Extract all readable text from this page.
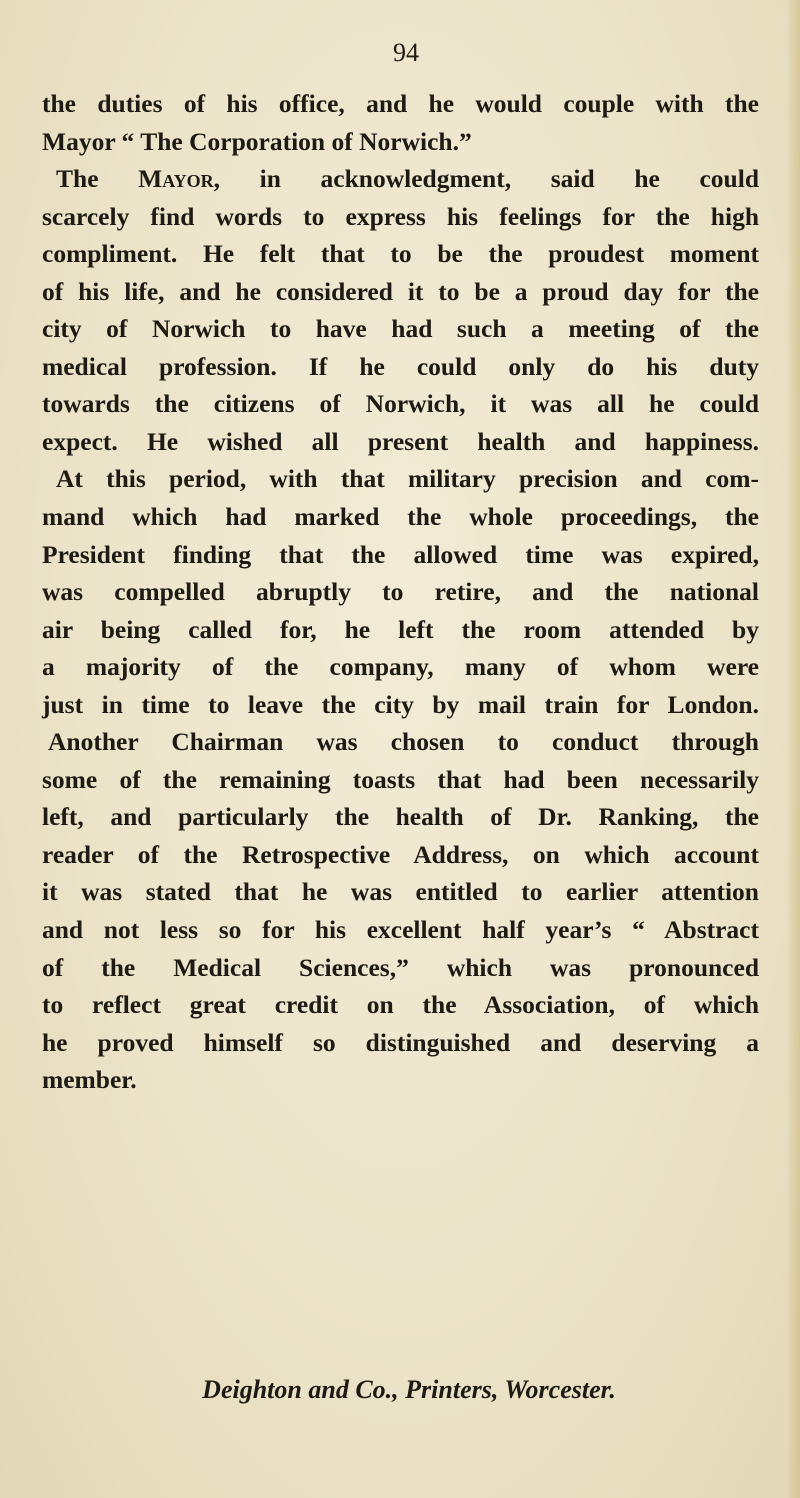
94
the duties of his office, and he would couple with the
Mayor “ The Corporation of Norwich.”
The Mayor, in acknowledgment, said he could
scarcely find words to express his feelings for the high
compliment. He felt that to be the proudest moment
of his life, and he considered it to be a proud day for the
city of Norwich to have had such a meeting of the
medical profession. If he could only do his duty
towards the citizens of Norwich, it was all he could
expect. He wished all present health and happiness.
At this period, with that military precision and com-
mand which had marked the whole proceedings, the
President finding that the allowed time was expired,
was compelled abruptly to retire, and the national
air being called for, he left the room attended by
a majority of the company, many of whom were
just in time to leave the city by mail train for London.
Another Chairman was chosen to conduct through
some of the remaining toasts that had been necessarily
left, and particularly the health of Dr. Ranking, the
reader of the Retrospective Address, on which account
it was stated that he was entitled to earlier attention
and not less so for his excellent half year’s “ Abstract
of the Medical Sciences,” which was pronounced
to reflect great credit on the Association, of which
he proved himself so distinguished and deserving a
member.
Deighton and Co., Printers, Worcester.
